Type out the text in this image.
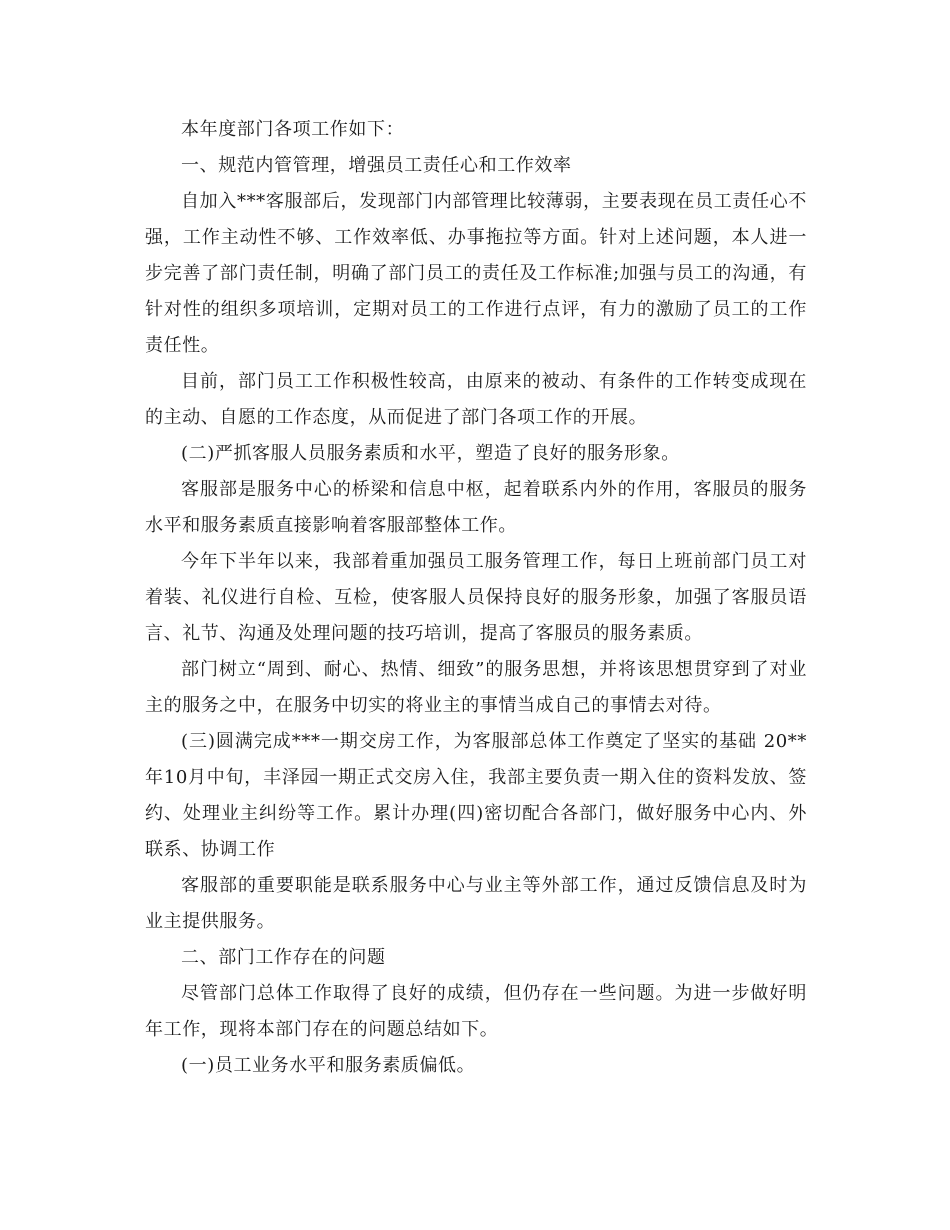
本年度部门各项工作如下：

一、规范内管管理，增强员工责任心和工作效率

自加入***客服部后，发现部门内部管理比较薄弱，主要表现在员工责任心不强，工作主动性不够、工作效率低、办事拖拉等方面。针对上述问题，本人进一步完善了部门责任制，明确了部门员工的责任及工作标准;加强与员工的沟通，有针对性的组织多项培训，定期对员工的工作进行点评，有力的激励了员工的工作责任性。

目前，部门员工工作积极性较高，由原来的被动、有条件的工作转变成现在的主动、自愿的工作态度，从而促进了部门各项工作的开展。

(二)严抓客服人员服务素质和水平，塑造了良好的服务形象。

客服部是服务中心的桥梁和信息中枢，起着联系内外的作用，客服员的服务水平和服务素质直接影响着客服部整体工作。

今年下半年以来，我部着重加强员工服务管理工作，每日上班前部门员工对着装、礼仪进行自检、互检，使客服人员保持良好的服务形象，加强了客服员语言、礼节、沟通及处理问题的技巧培训，提高了客服员的服务素质。

部门树立“周到、耐心、热情、细致”的服务思想，并将该思想贯穿到了对业主的服务之中，在服务中切实的将业主的事情当成自己的事情去对待。

(三)圆满完成***一期交房工作，为客服部总体工作奠定了坚实的基础 20**年10月中旬，丰泽园一期正式交房入住，我部主要负责一期入住的资料发放、签约、处理业主纠纷等工作。累计办理(四)密切配合各部门，做好服务中心内、外联系、协调工作

客服部的重要职能是联系服务中心与业主等外部工作，通过反馈信息及时为业主提供服务。

二、部门工作存在的问题

尽管部门总体工作取得了良好的成绩，但仍存在一些问题。为进一步做好明年工作，现将本部门存在的问题总结如下。

(一)员工业务水平和服务素质偏低。
